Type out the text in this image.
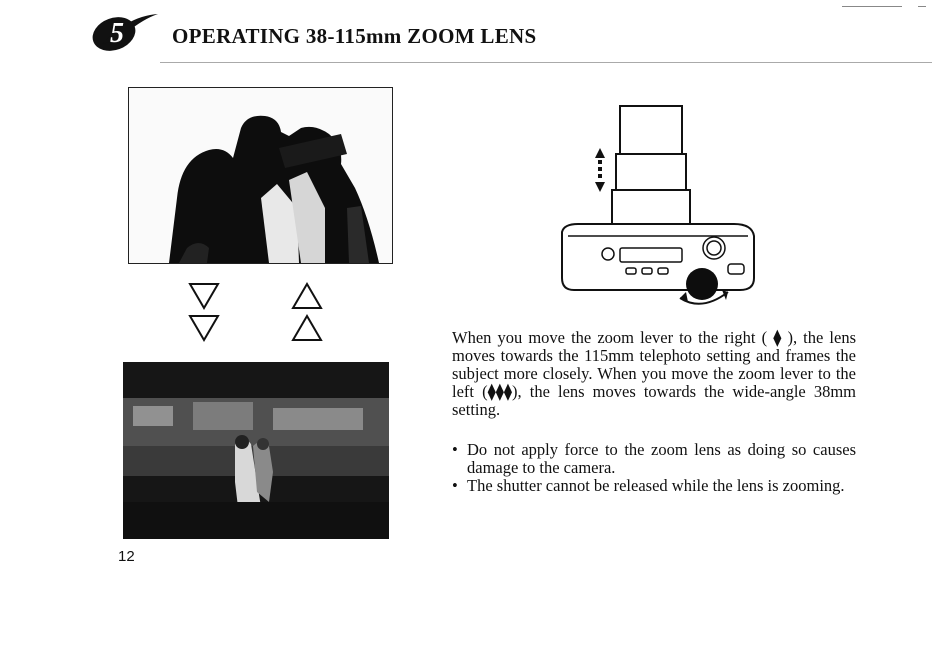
5 OPERATING 38-115mm ZOOM LENS

When you move the zoom lever to the right ( ⧫ ), the lens moves towards the 115mm telephoto setting and frames the subject more closely. When you move the zoom lever to the left (⧫⧫⧫), the lens moves towards the wide-angle 38mm setting.

• Do not apply force to the zoom lens as doing so causes damage to the camera.
• The shutter cannot be released while the lens is zooming.
12
